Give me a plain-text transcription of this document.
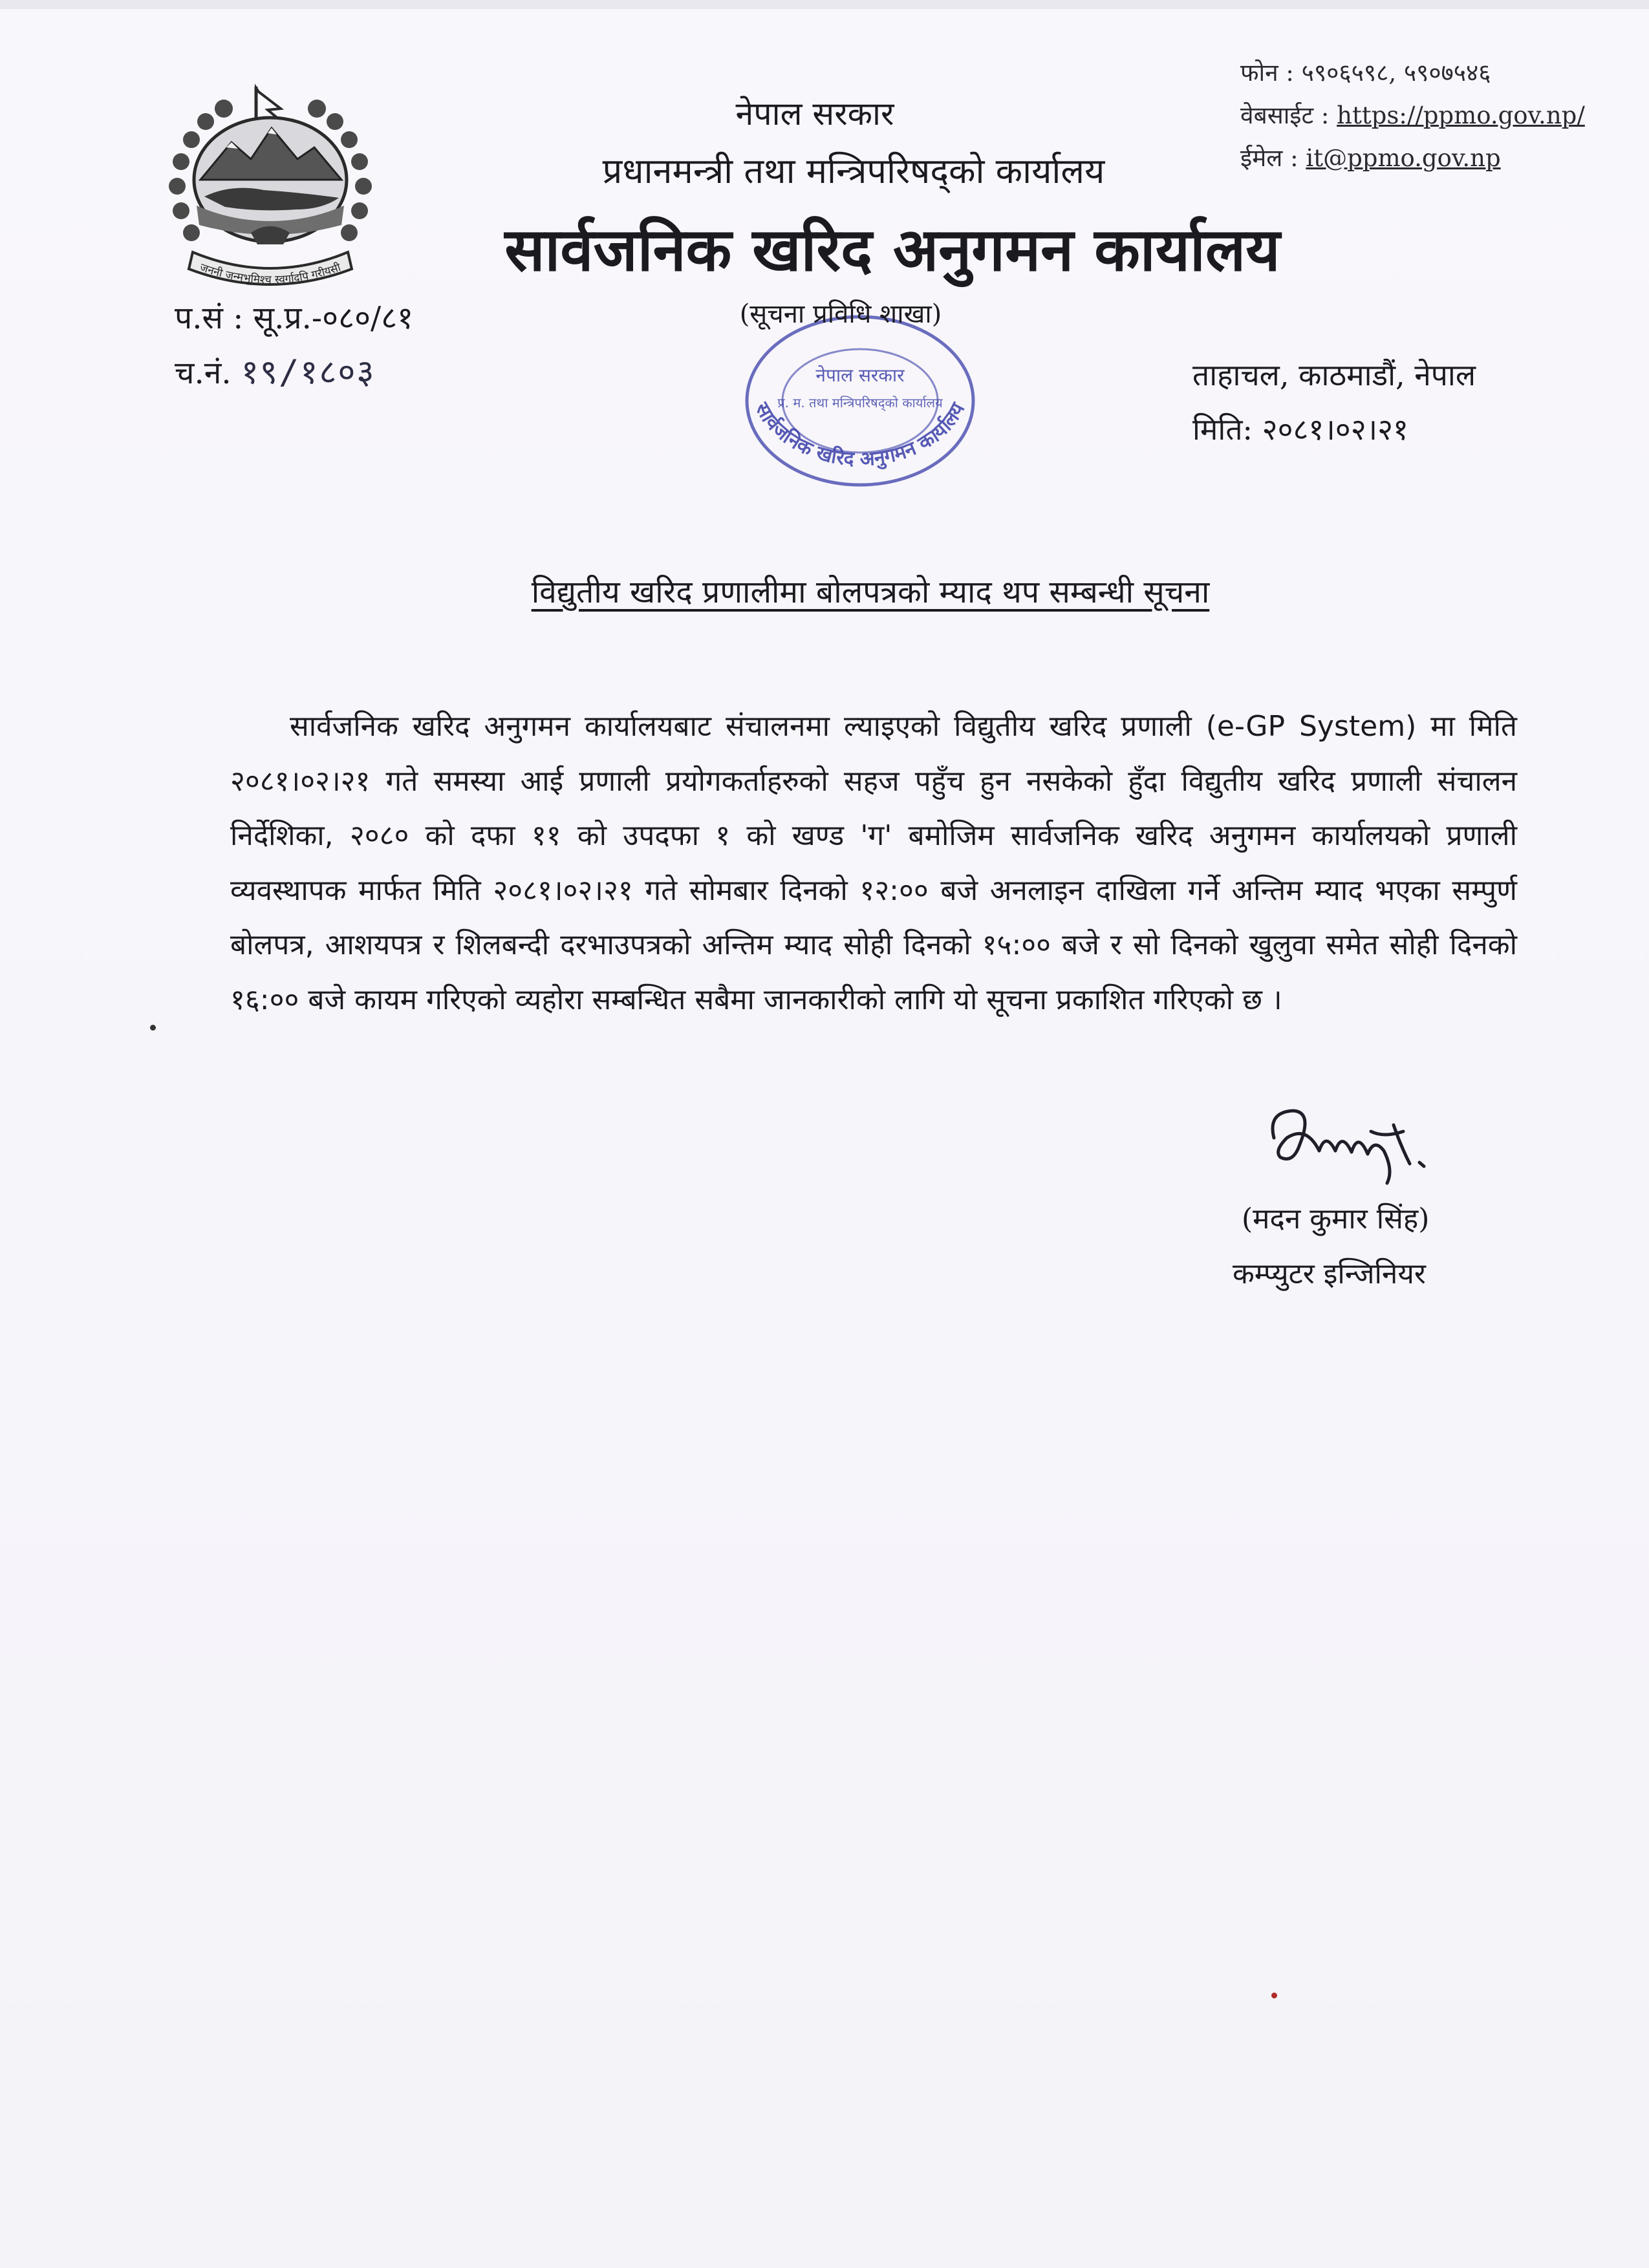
जननी जन्मभूमिश्च स्वर्गादपि गरीयसी
फोन : ५९०६५९८, ५९०७५४६
वेबसाईट : https://ppmo.gov.np/
ईमेल : it@ppmo.gov.np
नेपाल सरकार
प्रधानमन्त्री तथा मन्त्रिपरिषद्को कार्यालय
सार्वजनिक खरिद अनुगमन कार्यालय
नेपाल सरकार
प्र. म. तथा मन्त्रिपरिषद्को कार्यालय
सार्वजनिक खरिद अनुगमन कार्यालय
(सूचना प्रविधि शाखा)
प.सं : सू.प्र.-०८०/८१
च.नं. १९/१८०३	ताहाचल, काठमाडौं, नेपाल
मिति: २०८१।०२।२१
विद्युतीय खरिद प्रणालीमा बोलपत्रको म्याद थप सम्बन्धी सूचना
सार्वजनिक खरिद अनुगमन कार्यालयबाट संचालनमा ल्याइएको विद्युतीय खरिद प्रणाली (e-GP System) मा मिति २०८१।०२।२१ गते समस्या आई प्रणाली प्रयोगकर्ताहरुको सहज पहुँच हुन नसकेको हुँदा विद्युतीय खरिद प्रणाली संचालन निर्देशिका, २०८० को दफा ११ को उपदफा १ को खण्ड 'ग' बमोजिम सार्वजनिक खरिद अनुगमन कार्यालयको प्रणाली व्यवस्थापक मार्फत मिति २०८१।०२।२१ गते सोमबार दिनको १२:०० बजे अनलाइन दाखिला गर्ने अन्तिम म्याद भएका सम्पुर्ण बोलपत्र, आशयपत्र र शिलबन्दी दरभाउपत्रको अन्तिम म्याद सोही दिनको १५:०० बजे र सो दिनको खुलुवा समेत सोही दिनको १६:०० बजे कायम गरिएको व्यहोरा सम्बन्धित सबैमा जानकारीको लागि यो सूचना प्रकाशित गरिएको छ ।
(मदन कुमार सिंह)
कम्प्युटर इन्जिनियर
